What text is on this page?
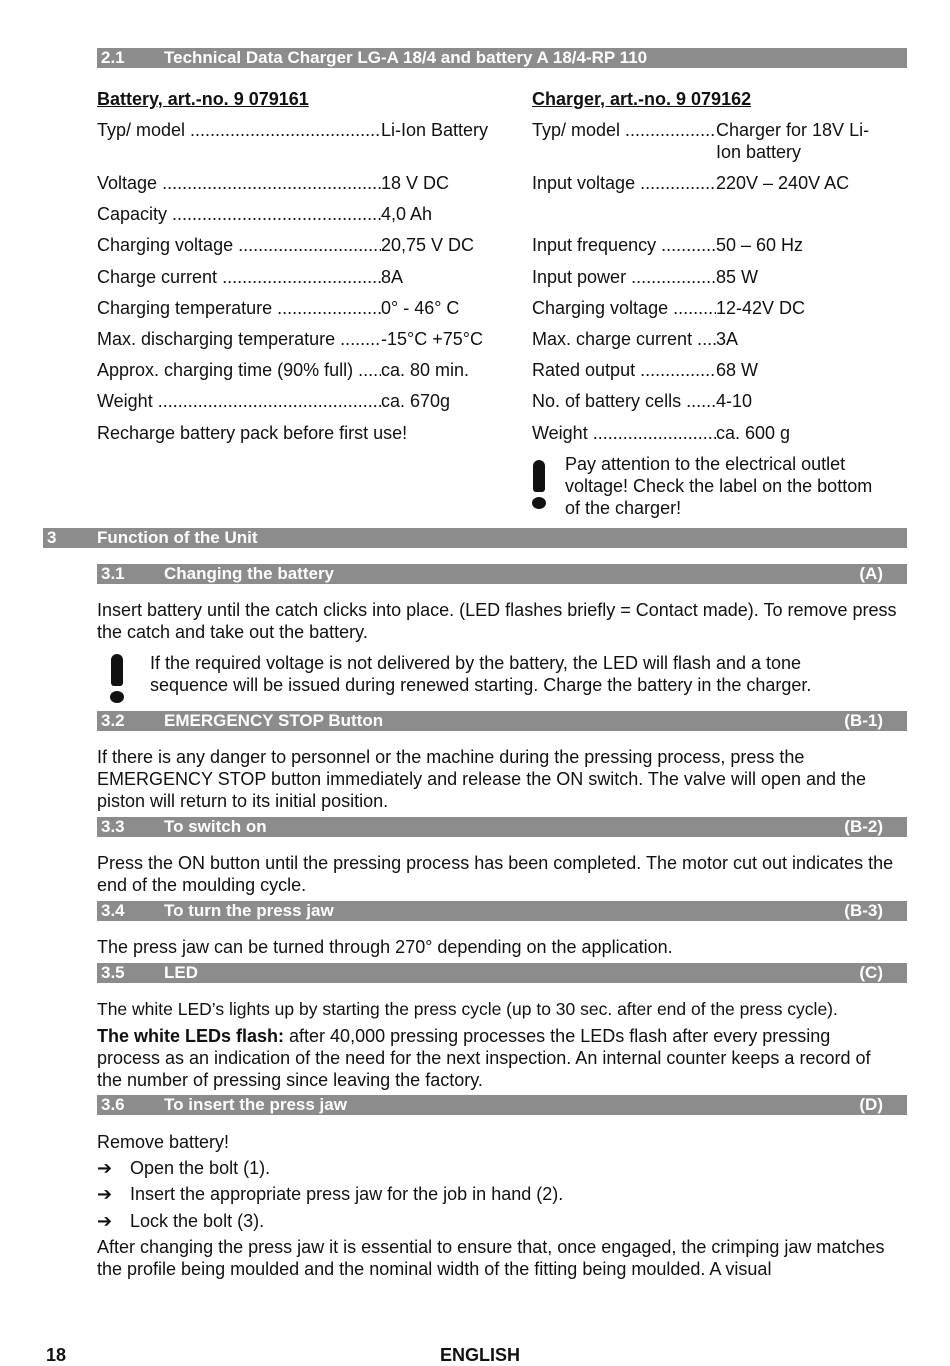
2.1 Technical Data Charger LG-A 18/4 and battery A 18/4-RP 110
Battery, art.-no. 9 079161
Typ/ model .....	Li-Ion Battery
Voltage .....	18 V DC
Capacity .....	4,0 Ah
Charging voltage .....	20,75 V DC
Charge current .....	8A
Charging temperature .....	0° - 46° C
Max. discharging temperature .....	-15°C +75°C
Approx. charging time (90% full) .....	ca. 80 min.
Weight .....	ca. 670g
Recharge battery pack before first use!
Charger, art.-no. 9 079162
Typ/ model .....	Charger for 18V Li-Ion battery
Input voltage .....	220V – 240V AC
Input frequency .....	50 – 60 Hz
Input power .....	85 W
Charging voltage .....	12-42V DC
Max. charge current .....	3A
Rated output .....	68 W
No. of battery cells .....	4-10
Weight .....	ca. 600 g
Pay attention to the electrical outlet voltage! Check the label on the bottom of the charger!
3 Function of the Unit
3.1 Changing the battery	(A)
Insert battery until the catch clicks into place. (LED flashes briefly = Contact made). To remove press the catch and take out the battery.
If the required voltage is not delivered by the battery, the LED will flash and a tone sequence will be issued during renewed starting. Charge the battery in the charger.
3.2 EMERGENCY STOP Button	(B-1)
If there is any danger to personnel or the machine during the pressing process, press the EMERGENCY STOP button immediately and release the ON switch. The valve will open and the piston will return to its initial position.
3.3 To switch on	(B-2)
Press the ON button until the pressing process has been completed. The motor cut out indicates the end of the moulding cycle.
3.4 To turn the press jaw	(B-3)
The press jaw can be turned through 270° depending on the application.
3.5 LED	(C)
The white LED’s lights up by starting the press cycle (up to 30 sec. after end of the press cycle).
The white LEDs flash: after 40,000 pressing processes the LEDs flash after every pressing process as an indication of the need for the next inspection. An internal counter keeps a record of the number of pressing since leaving the factory.
3.6 To insert the press jaw	(D)
Remove battery!
➔ Open the bolt (1).
➔ Insert the appropriate press jaw for the job in hand (2).
➔ Lock the bolt (3).
After changing the press jaw it is essential to ensure that, once engaged, the crimping jaw matches the profile being moulded and the nominal width of the fitting being moulded. A visual
18	ENGLISH
